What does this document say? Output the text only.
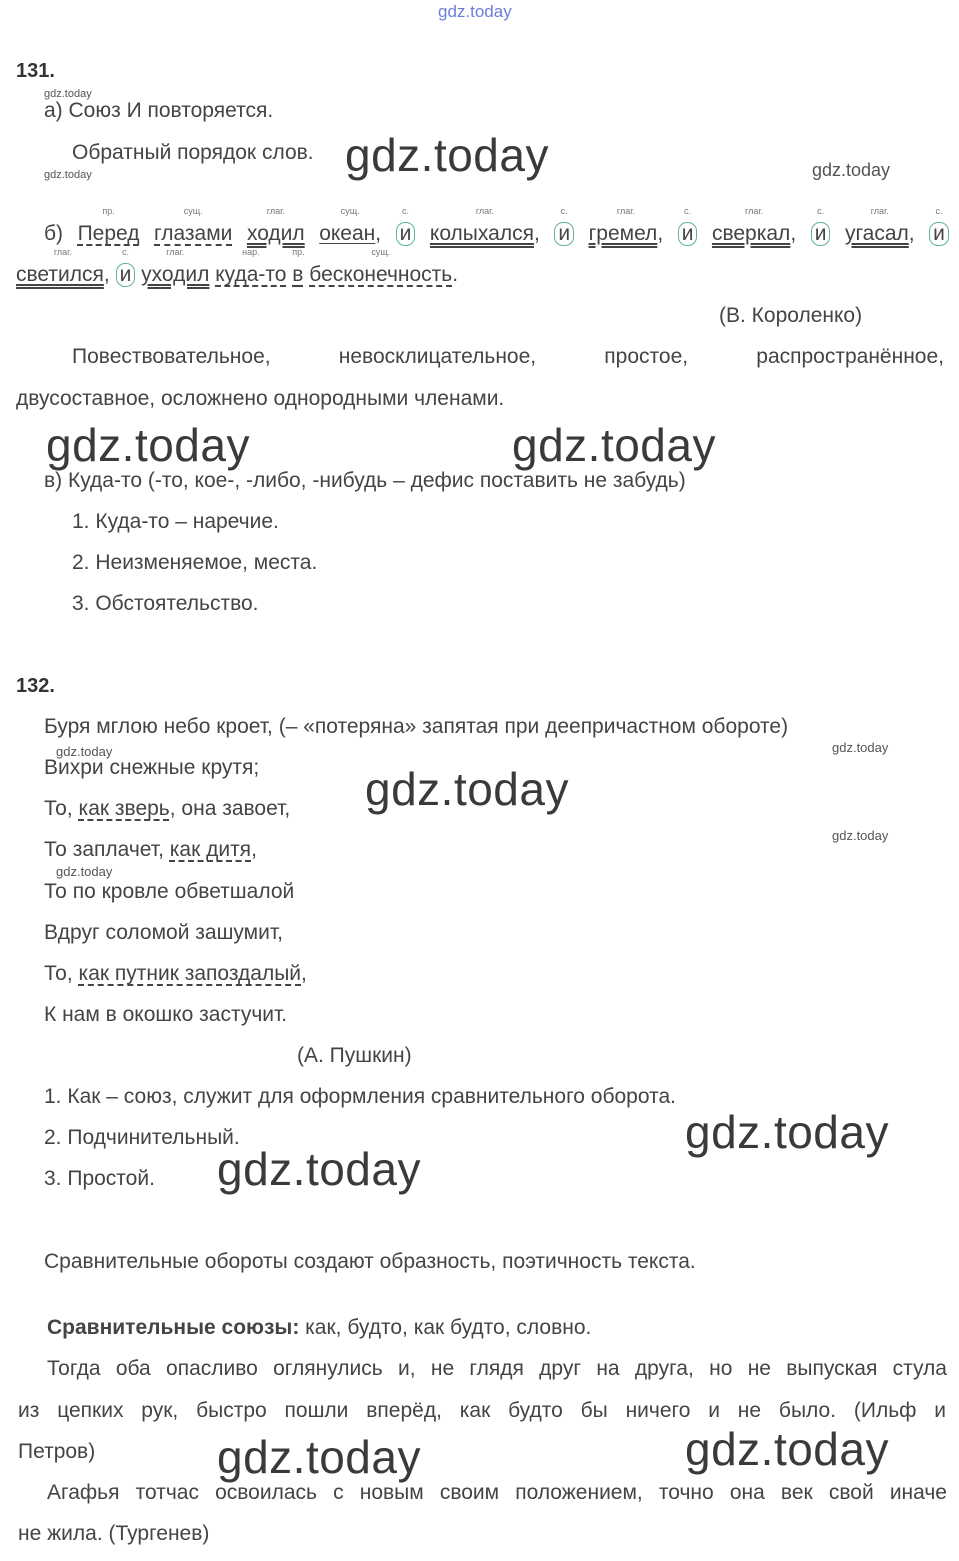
gdz.today
131.
gdz.today
а) Союз И повторяется.
Обратный порядок слов.
gdz.today	gdz.today	gdz.today
б)
пр.
Перед
сущ.
глазами
глаг.
ходил
сущ.
океан,
с.
и
глаг.
колыхался,
с.
и
глаг.
гремел,
с.
и
глаг.
сверкал,
с.
и
глаг.
угасал,
с.
и
глаг.
светился,
с.
и
глаг.
уходил
нар.
куда-то
пр.
в
сущ.
бесконечность.
(В. Короленко)
Повествовательное, невосклицательное, простое, распространённое,
двусоставное, осложнено однородными членами.
gdz.today	gdz.today
в) Куда-то (-то, кое-, -либо, -нибудь – дефис поставить не забудь)
1. Куда-то – наречие.
2. Неизменяемое, места.
3. Обстоятельство.
132.
Буря мглою небо кроет, (– «потеряна» запятая при деепричастном обороте)
gdz.today	gdz.today
Вихри снежные крутя;
То, как зверь, она завоет, gdz.today
gdz.today
То заплачет, как дитя,
gdz.today
То по кровле обветшалой
Вдруг соломой зашумит,
То, как путник запоздалый,
К нам в окошко застучит.
(А. Пушкин)
1. Как – союз, служит для оформления сравнительного оборота.
2. Подчинительный.
3. Простой.
gdz.today
gdz.today
Сравнительные обороты создают образность, поэтичность текста.
Сравнительные союзы: как, будто, как будто, словно.
Тогда оба опасливо оглянулись и, не глядя друг на друга, но не выпуская стула
из цепких рук, быстро пошли вперёд, как будто бы ничего и не было. (Ильф и
Петров)	gdz.today	gdz.today
Агафья тотчас освоилась с новым своим положением, точно она век свой иначе
не жила. (Тургенев)
